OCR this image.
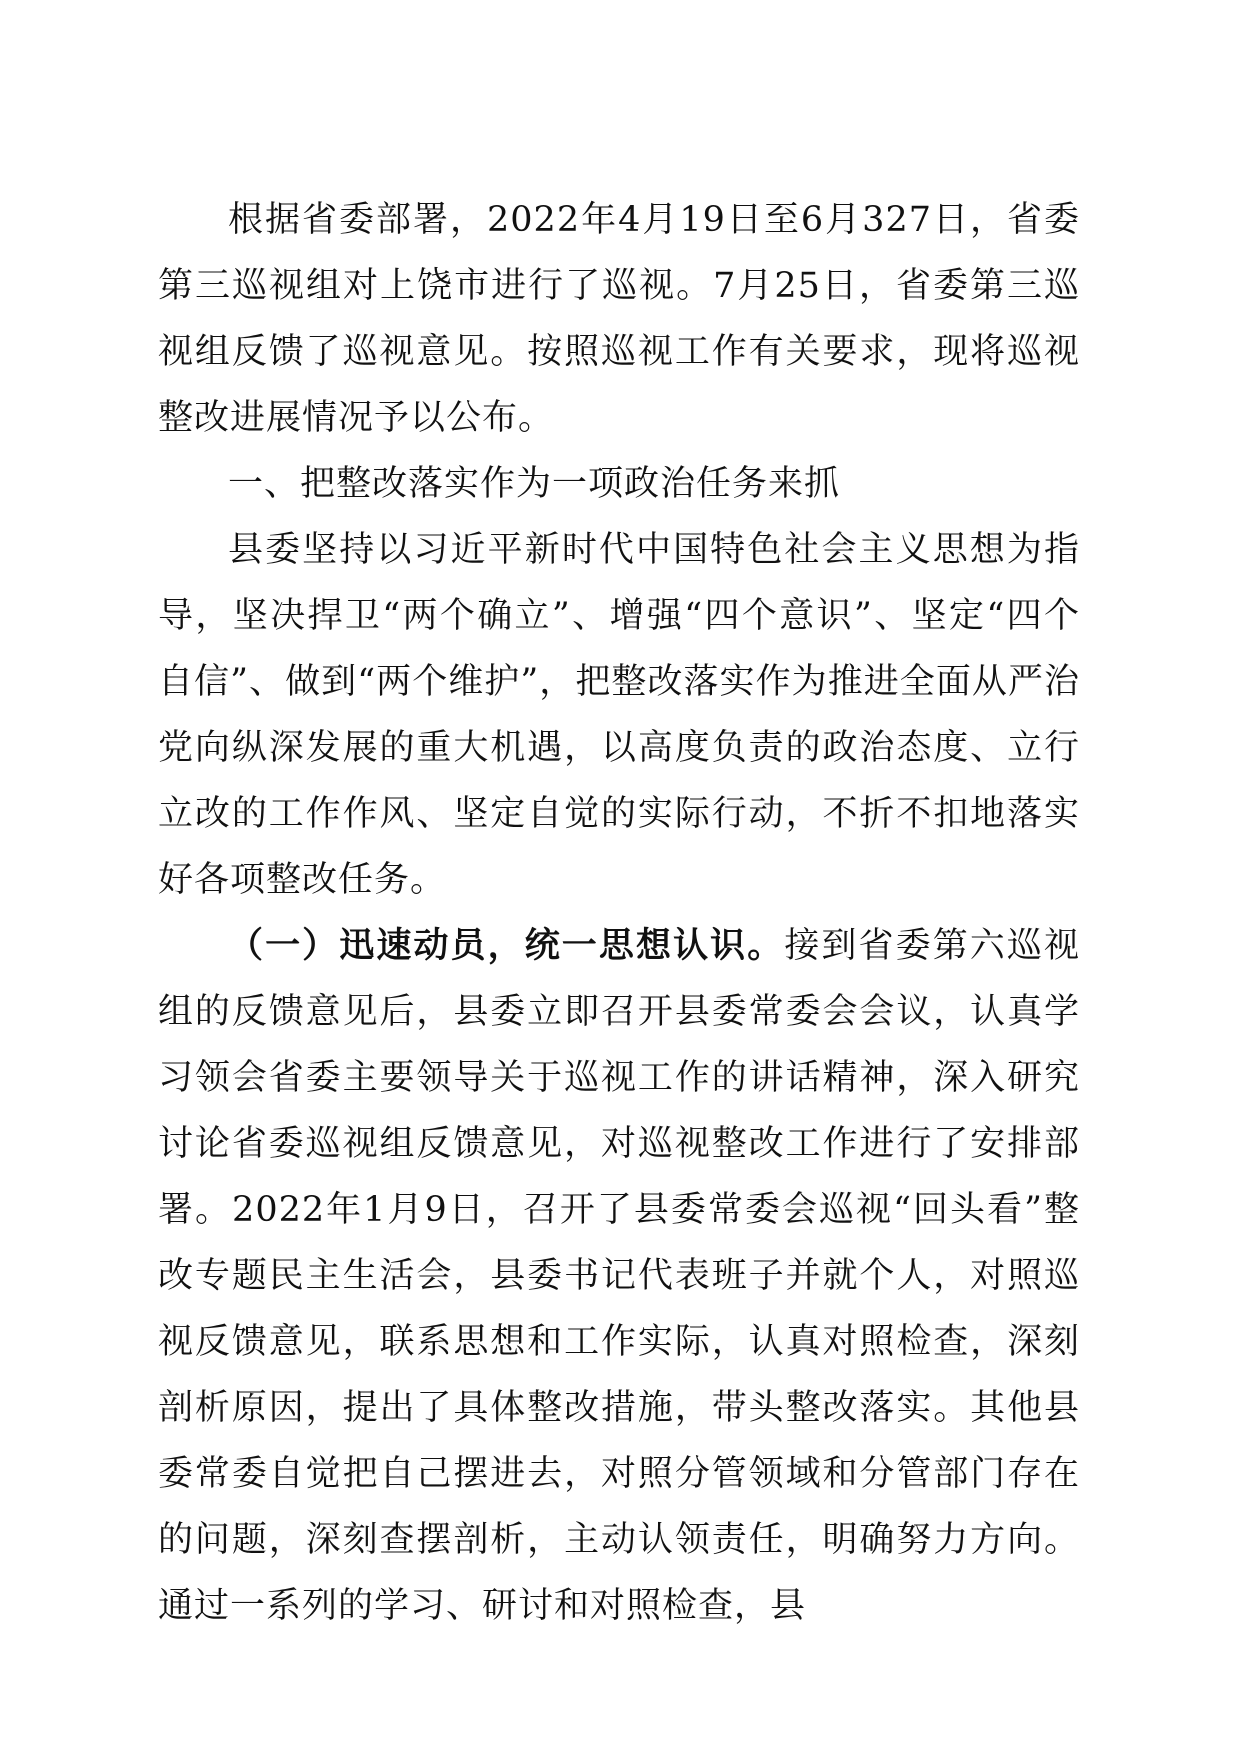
根据省委部署，2022年4月19日至6月327日，省委第三巡视组对上饶市进行了巡视。7月25日，省委第三巡视组反馈了巡视意见。按照巡视工作有关要求，现将巡视整改进展情况予以公布。

一、把整改落实作为一项政治任务来抓

县委坚持以习近平新时代中国特色社会主义思想为指导，坚决捍卫“两个确立”、增强“四个意识”、坚定“四个自信”、做到“两个维护”，把整改落实作为推进全面从严治党向纵深发展的重大机遇，以高度负责的政治态度、立行立改的工作作风、坚定自觉的实际行动，不折不扣地落实好各项整改任务。

（一）迅速动员，统一思想认识。接到省委第六巡视组的反馈意见后，县委立即召开县委常委会会议，认真学习领会省委主要领导关于巡视工作的讲话精神，深入研究讨论省委巡视组反馈意见，对巡视整改工作进行了安排部署。2022年1月9日，召开了县委常委会巡视“回头看”整改专题民主生活会，县委书记代表班子并就个人，对照巡视反馈意见，联系思想和工作实际，认真对照检查，深刻剖析原因，提出了具体整改措施，带头整改落实。其他县委常委自觉把自己摆进去，对照分管领域和分管部门存在的问题，深刻查摆剖析，主动认领责任，明确努力方向。通过一系列的学习、研讨和对照检查，县
